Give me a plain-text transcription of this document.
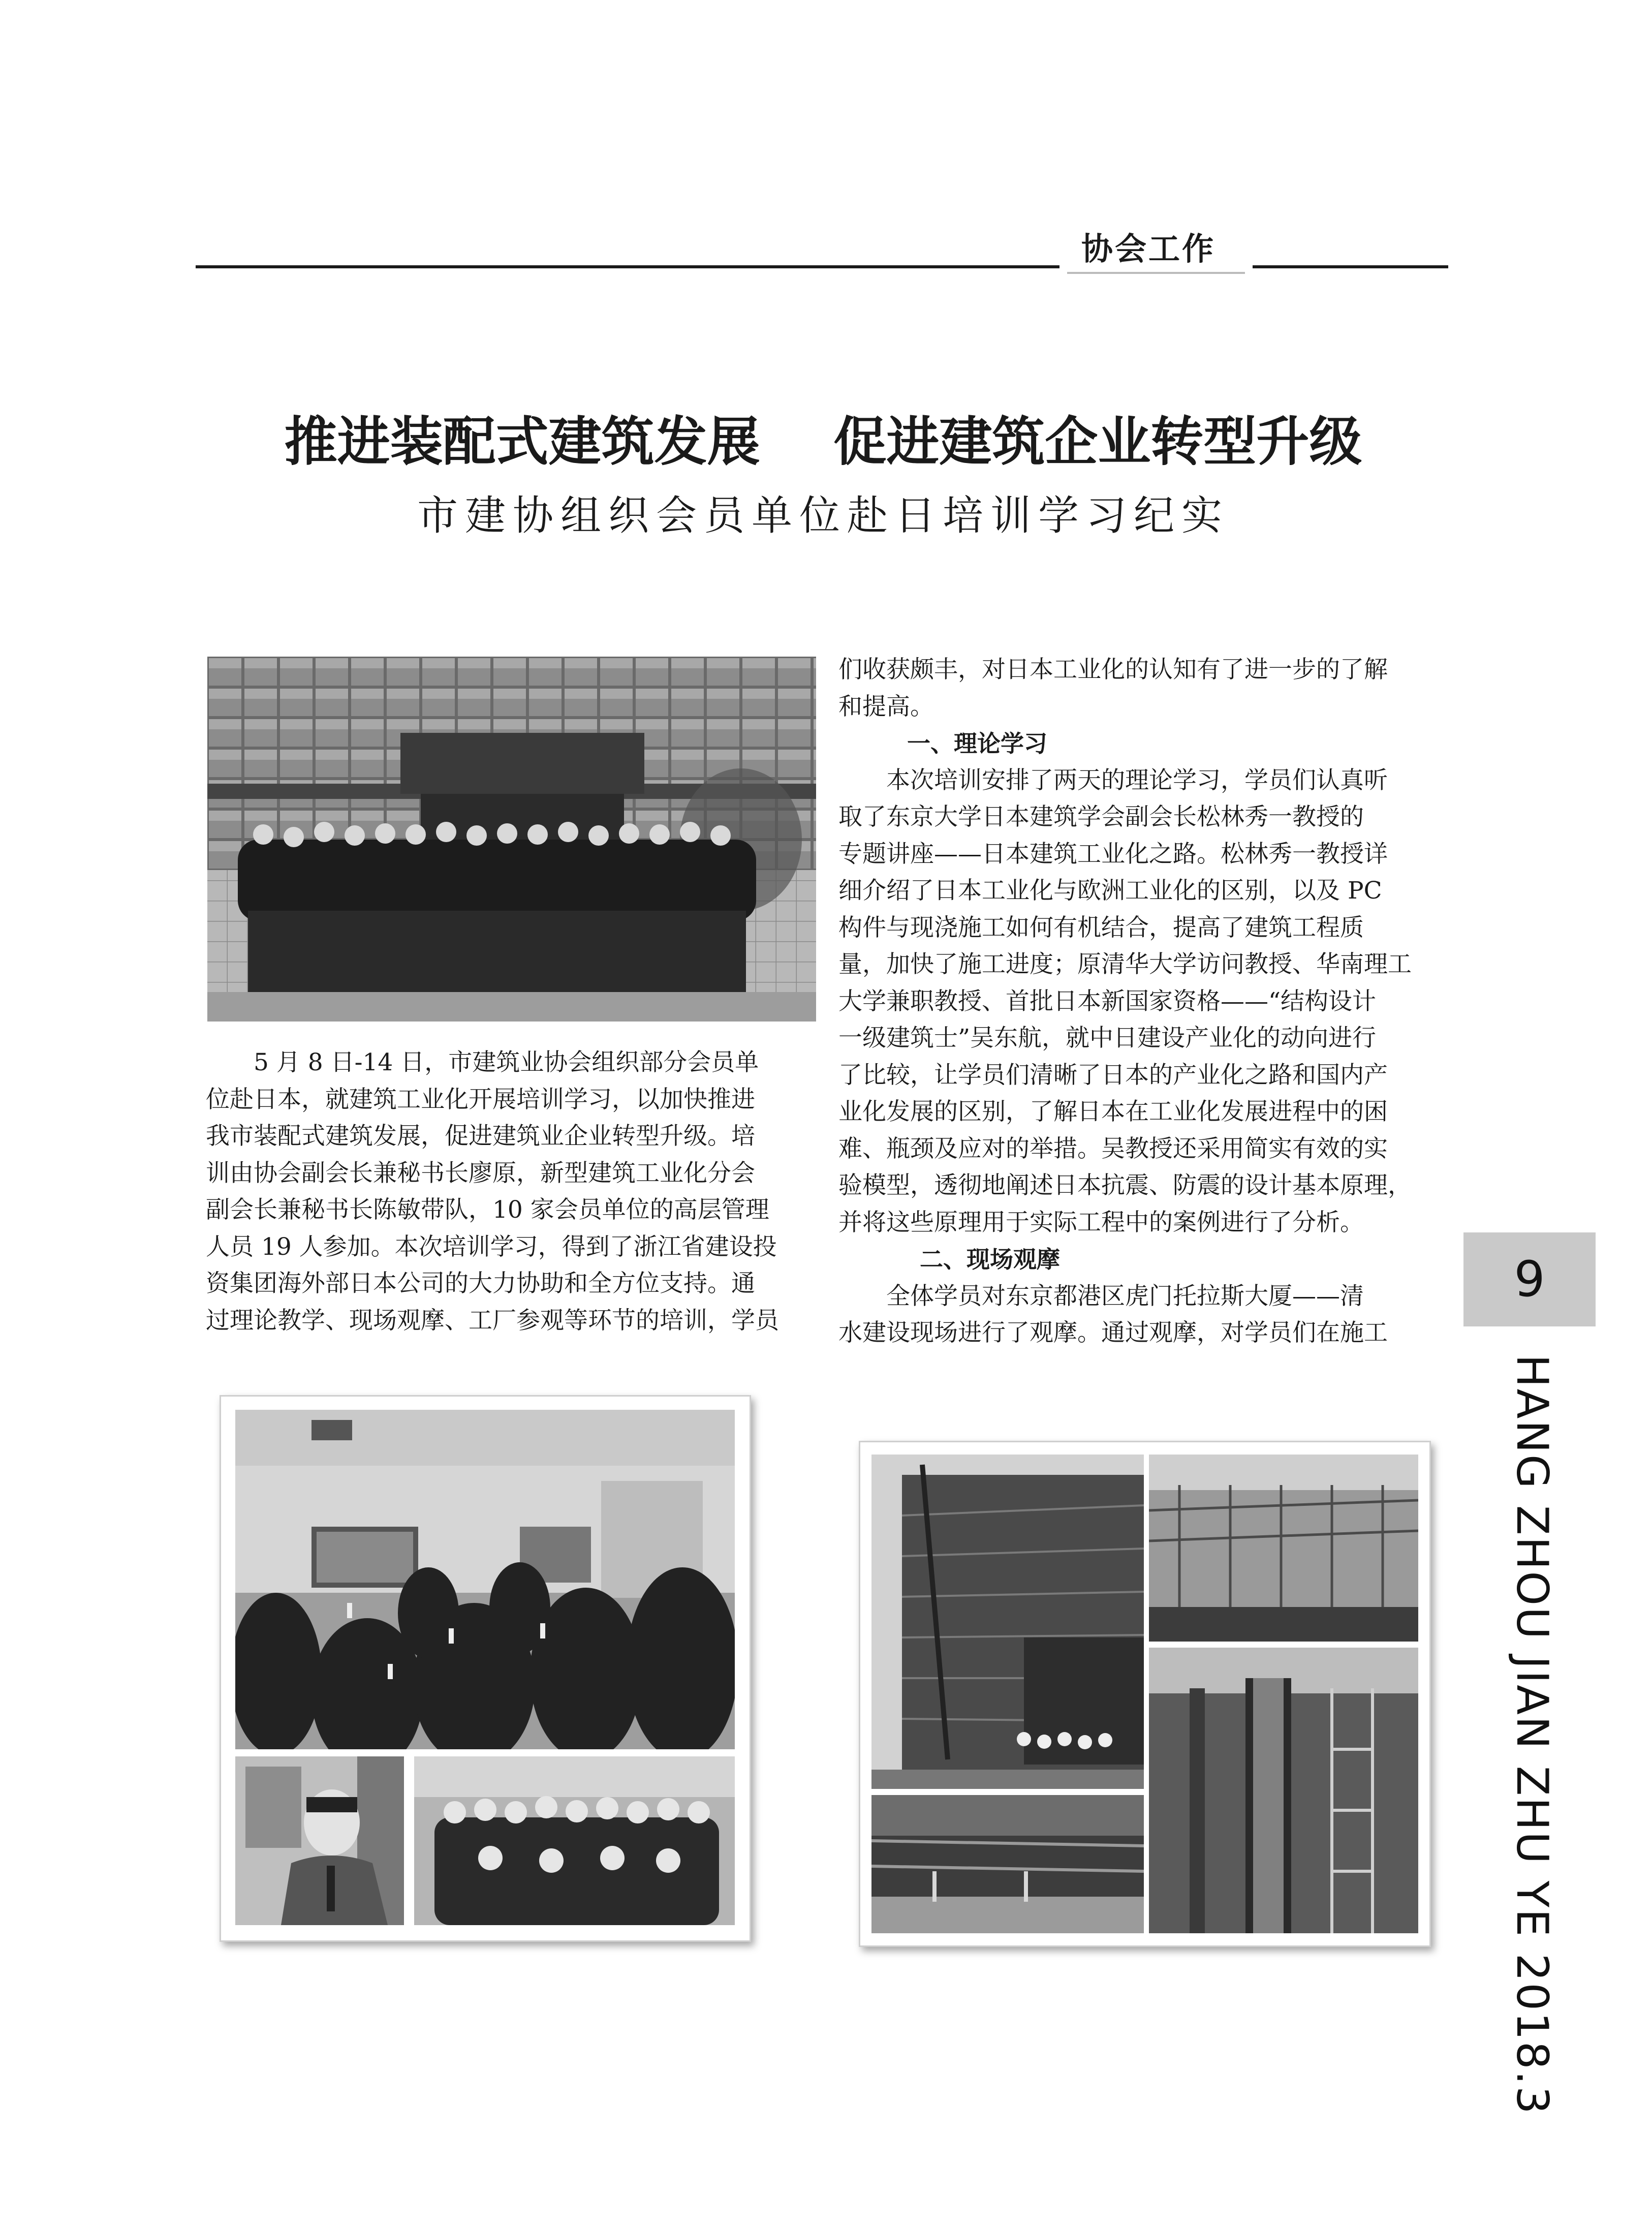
协会工作
推进装配式建筑发展    促进建筑企业转型升级
市建协组织会员单位赴日培训学习纪实

5 月 8 日-14 日，市建筑业协会组织部分会员单

位赴日本，就建筑工业化开展培训学习，以加快推进

我市装配式建筑发展，促进建筑业企业转型升级。培

训由协会副会长兼秘书长廖原，新型建筑工业化分会

副会长兼秘书长陈敏带队，10 家会员单位的高层管理

人员 19 人参加。本次培训学习，得到了浙江省建设投

资集团海外部日本公司的大力协助和全方位支持。通

过理论教学、现场观摩、工厂参观等环节的培训，学员

们收获颇丰，对日本工业化的认知有了进一步的了解

和提高。

一、理论学习

本次培训安排了两天的理论学习，学员们认真听

取了东京大学日本建筑学会副会长松林秀一教授的

专题讲座——日本建筑工业化之路。松林秀一教授详

细介绍了日本工业化与欧洲工业化的区别，以及 PC

构件与现浇施工如何有机结合，提高了建筑工程质

量，加快了施工进度；原清华大学访问教授、华南理工

大学兼职教授、首批日本新国家资格——“结构设计

一级建筑士”吴东航，就中日建设产业化的动向进行

了比较，让学员们清晰了日本的产业化之路和国内产

业化发展的区别，了解日本在工业化发展进程中的困

难、瓶颈及应对的举措。吴教授还采用简实有效的实

验模型，透彻地阐述日本抗震、防震的设计基本原理，

并将这些原理用于实际工程中的案例进行了分析。

二、现场观摩

全体学员对东京都港区虎门托拉斯大厦——清

水建设现场进行了观摩。通过观摩，对学员们在施工

9
HANG ZHOU JIAN ZHU YE 2018.3
